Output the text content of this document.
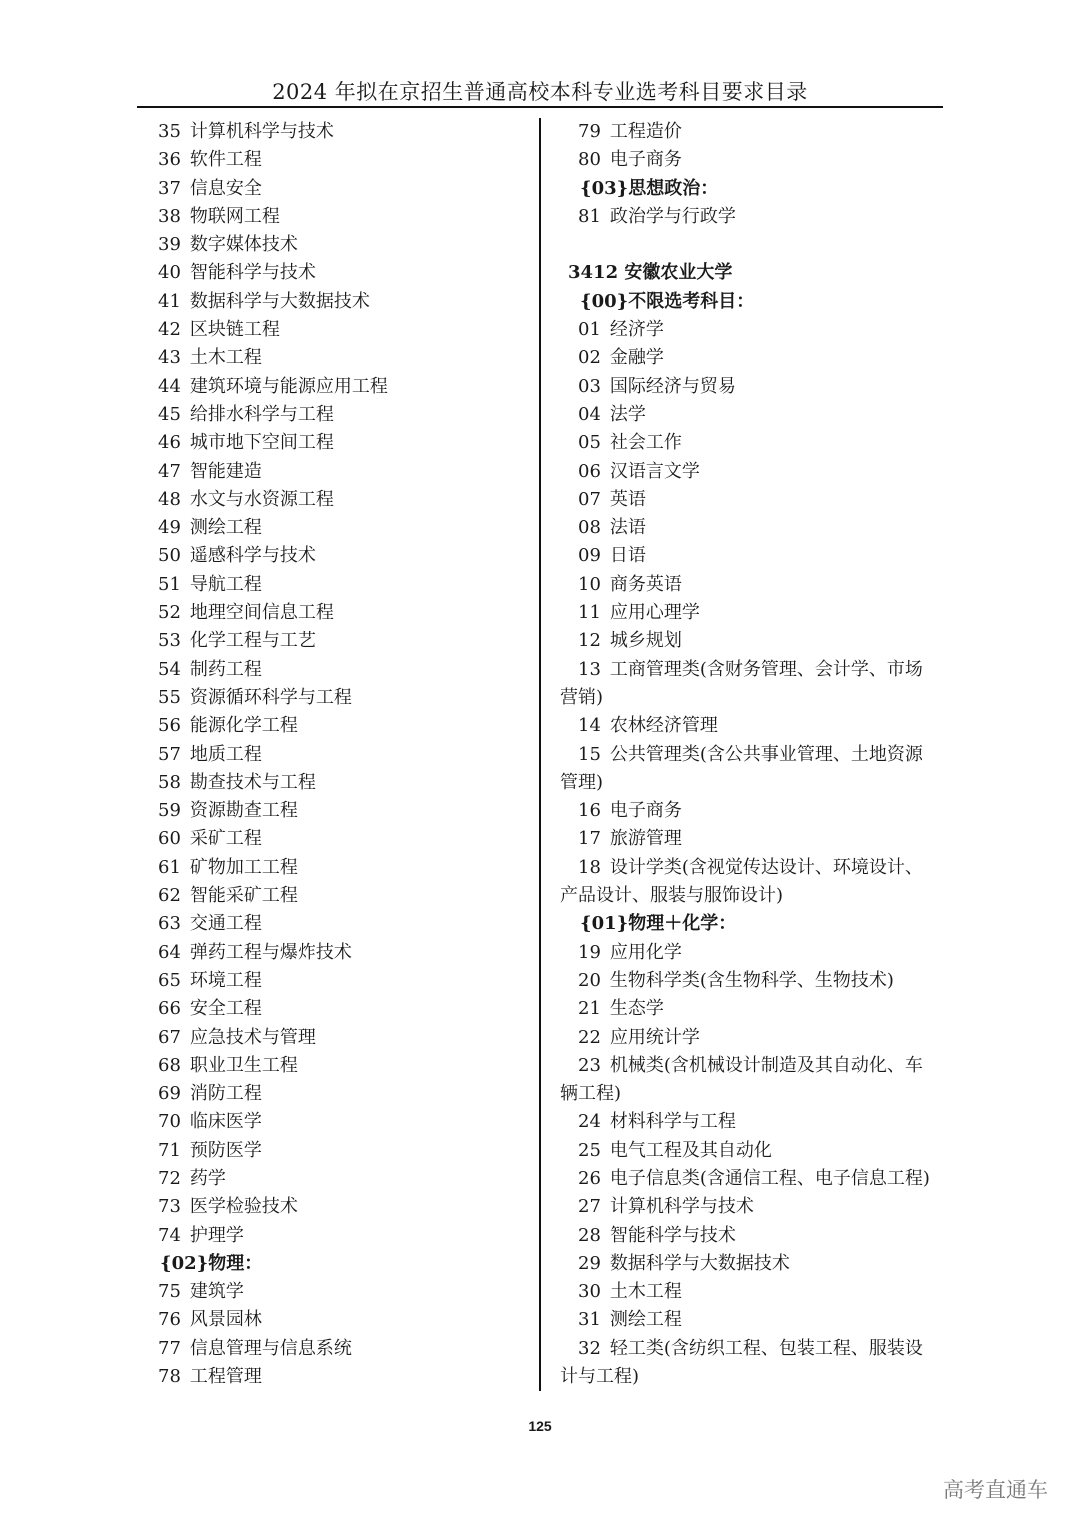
2024 年拟在京招生普通高校本科专业选考科目要求目录
35 计算机科学与技术
36 软件工程
37 信息安全
38 物联网工程
39 数字媒体技术
40 智能科学与技术
41 数据科学与大数据技术
42 区块链工程
43 土木工程
44 建筑环境与能源应用工程
45 给排水科学与工程
46 城市地下空间工程
47 智能建造
48 水文与水资源工程
49 测绘工程
50 遥感科学与技术
51 导航工程
52 地理空间信息工程
53 化学工程与工艺
54 制药工程
55 资源循环科学与工程
56 能源化学工程
57 地质工程
58 勘查技术与工程
59 资源勘查工程
60 采矿工程
61 矿物加工工程
62 智能采矿工程
63 交通工程
64 弹药工程与爆炸技术
65 环境工程
66 安全工程
67 应急技术与管理
68 职业卫生工程
69 消防工程
70 临床医学
71 预防医学
72 药学
73 医学检验技术
74 护理学
{02}物理：
75 建筑学
76 风景园林
77 信息管理与信息系统
78 工程管理
79 工程造价
80 电子商务
{03}思想政治：
81 政治学与行政学
3412 安徽农业大学
{00}不限选考科目：
01 经济学
02 金融学
03 国际经济与贸易
04 法学
05 社会工作
06 汉语言文学
07 英语
08 法语
09 日语
10 商务英语
11 应用心理学
12 城乡规划
13 工商管理类(含财务管理、会计学、市场
营销)
14 农林经济管理
15 公共管理类(含公共事业管理、土地资源
管理)
16 电子商务
17 旅游管理
18 设计学类(含视觉传达设计、环境设计、
产品设计、服装与服饰设计)
{01}物理＋化学：
19 应用化学
20 生物科学类(含生物科学、生物技术)
21 生态学
22 应用统计学
23 机械类(含机械设计制造及其自动化、车
辆工程)
24 材料科学与工程
25 电气工程及其自动化
26 电子信息类(含通信工程、电子信息工程)
27 计算机科学与技术
28 智能科学与技术
29 数据科学与大数据技术
30 土木工程
31 测绘工程
32 轻工类(含纺织工程、包装工程、服装设
计与工程)
125
高考直通车
